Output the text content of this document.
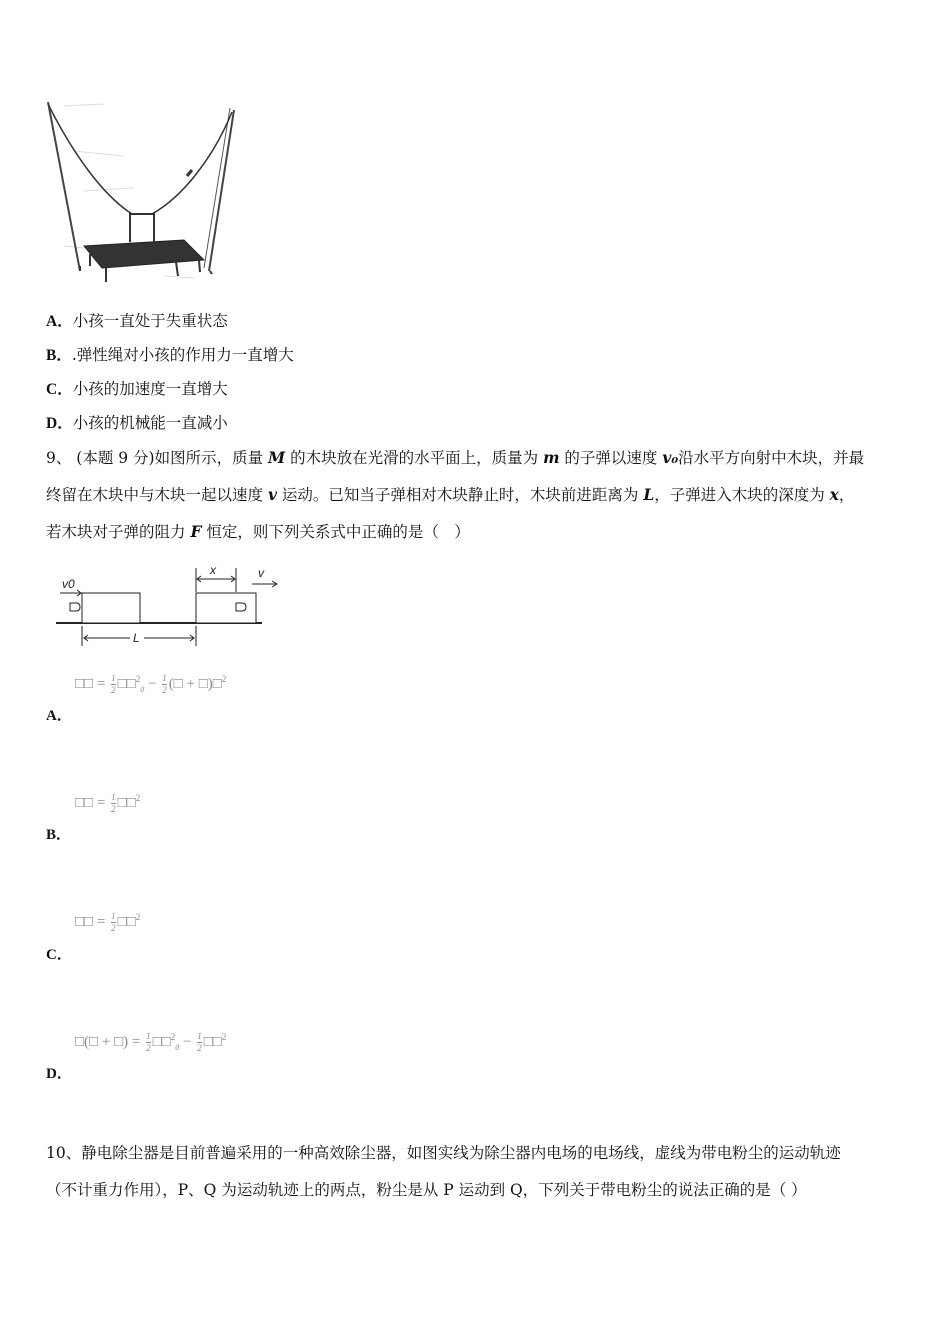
A．小孩一直处于失重状态
B．.弹性绳对小孩的作用力一直增大
C．小孩的加速度一直增大
D．小孩的机械能一直减小
9、 (本题 9 分)如图所示，质量 M 的木块放在光滑的水平面上，质量为 m 的子弹以速度 v₀沿水平方向射中木块，并最
终留在木块中与木块一起以速度 v 运动。已知当子弹相对木块静止时，木块前进距离为 L，子弹进入木块的深度为 x，
若木块对子弹的阻力 F 恒定，则下列关系式中正确的是（　）
v0
x	v
L
□□ = $\frac{1}{2}$ □□$^2_0$ − $\frac{1}{2}$ (□ + □)□$^2$
A．
□□ = $\frac{1}{2}$ □□$^2$
B．
□□ = $\frac{1}{2}$ □□$^2$
C．
□(□ + □) = $\frac{1}{2}$ □□$^2_0$ − $\frac{1}{2}$ □□$^2$
D．
10、静电除尘器是目前普遍采用的一种高效除尘器，如图实线为除尘器内电场的电场线，虚线为带电粉尘的运动轨迹
（不计重力作用），P、Q 为运动轨迹上的两点，粉尘是从 P 运动到 Q，下列关于带电粉尘的说法正确的是（ ）
